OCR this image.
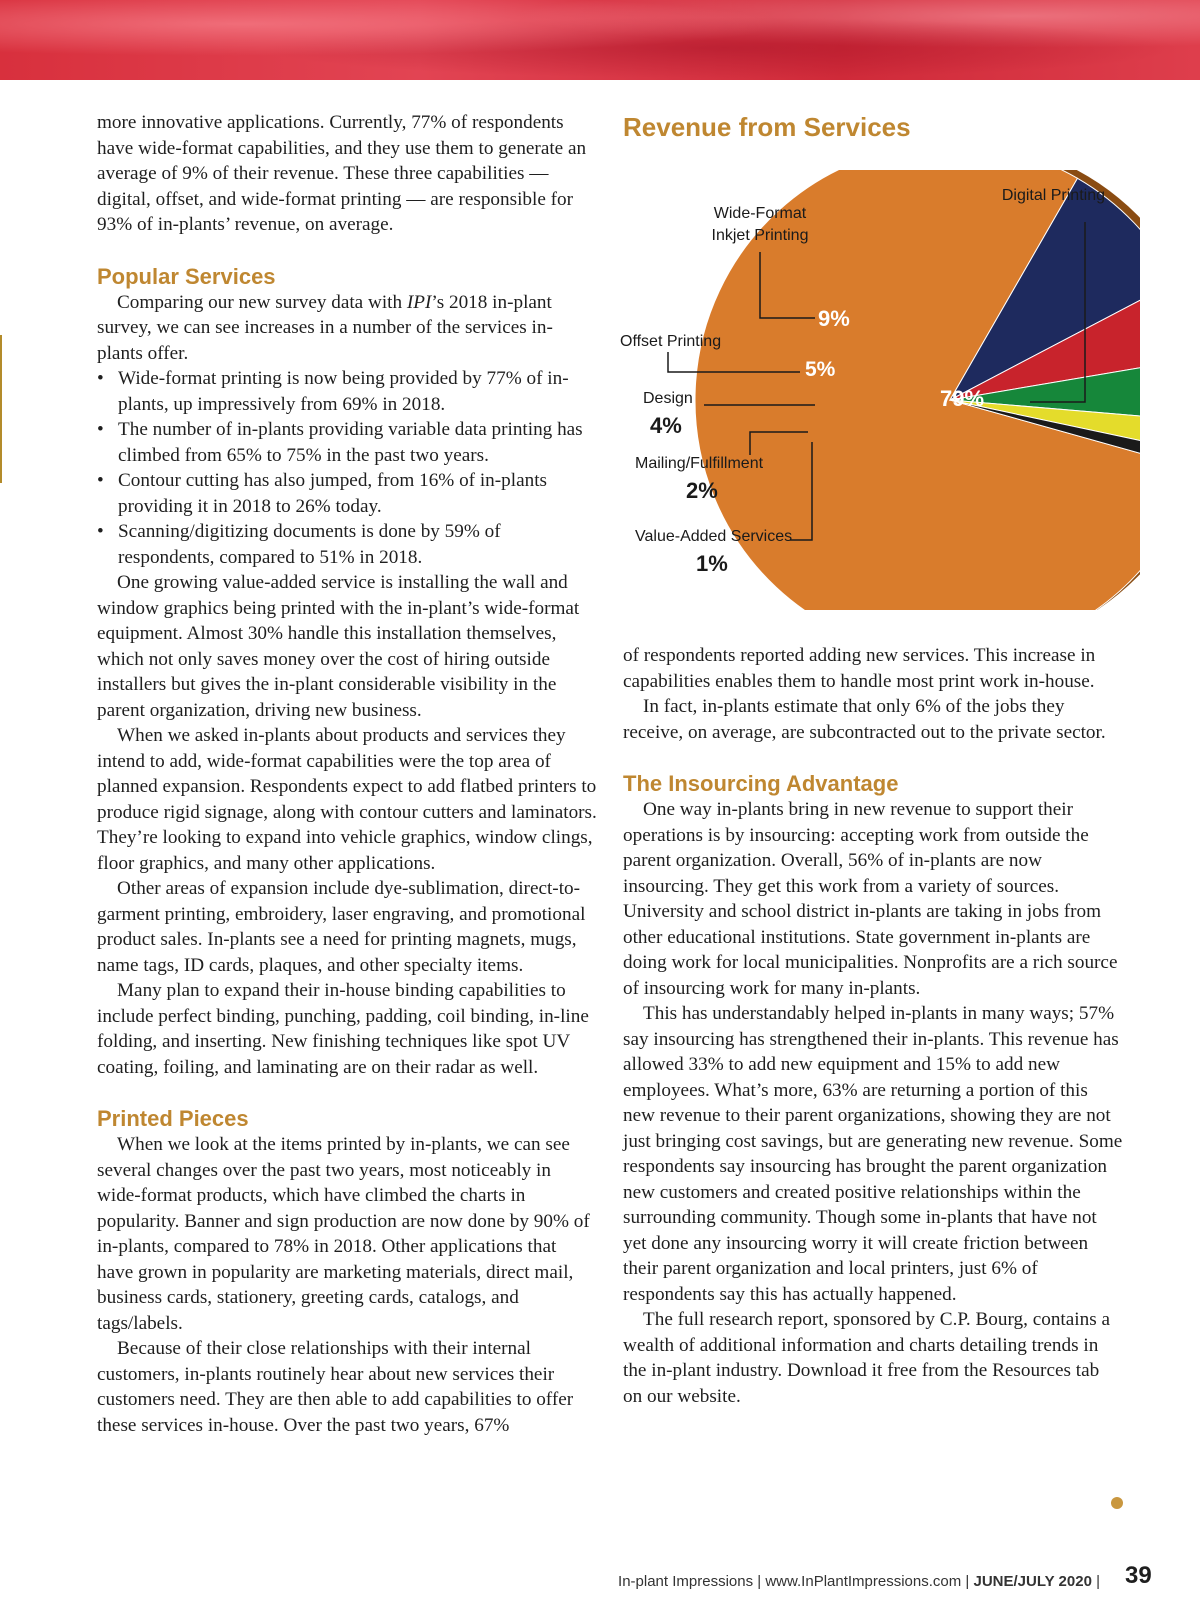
more innovative applications. Currently, 77% of respondents have wide-format capabilities, and they use them to generate an average of 9% of their revenue. These three capabilities — digital, offset, and wide-format printing — are responsible for 93% of in-plants’ revenue, on average.

Popular Services

Comparing our new survey data with IPI’s 2018 in-plant survey, we can see increases in a number of the services in-plants offer.

• Wide-format printing is now being provided by 77% of in-plants, up impressively from 69% in 2018.
• The number of in-plants providing variable data printing has climbed from 65% to 75% in the past two years.
• Contour cutting has also jumped, from 16% of in-plants providing it in 2018 to 26% today.
• Scanning/digitizing documents is done by 59% of respondents, compared to 51% in 2018.

One growing value-added service is installing the wall and window graphics being printed with the in-plant’s wide-format equipment. Almost 30% handle this installation themselves, which not only saves money over the cost of hiring outside installers but gives the in-plant considerable visibility in the parent organization, driving new business.

When we asked in-plants about products and services they intend to add, wide-format capabilities were the top area of planned expansion. Respondents expect to add flatbed printers to produce rigid signage, along with contour cutters and laminators. They’re looking to expand into vehicle graphics, window clings, floor graphics, and many other applications.

Other areas of expansion include dye-sublimation, direct-to-garment printing, embroidery, laser engraving, and promotional product sales. In-plants see a need for printing magnets, mugs, name tags, ID cards, plaques, and other specialty items.

Many plan to expand their in-house binding capabilities to include perfect binding, punching, padding, coil binding, in-line folding, and inserting. New finishing techniques like spot UV coating, foiling, and laminating are on their radar as well.

Printed Pieces

When we look at the items printed by in-plants, we can see several changes over the past two years, most noticeably in wide-format products, which have climbed the charts in popularity. Banner and sign production are now done by 90% of in-plants, compared to 78% in 2018. Other applications that have grown in popularity are marketing materials, direct mail, business cards, stationery, greeting cards, catalogs, and tags/labels.

Because of their close relationships with their internal customers, in-plants routinely hear about new services their customers need. They are then able to add capabilities to offer these services in-house. Over the past two years, 67%

Revenue from Services
79%
9%
5%
Digital Printing
Wide-Format
Inkjet Printing
Offset Printing
Design
4%
Mailing/Fulfillment
2%
Value-Added Services
1%

of respondents reported adding new services. This increase in capabilities enables them to handle most print work in-house.

In fact, in-plants estimate that only 6% of the jobs they receive, on average, are subcontracted out to the private sector.

The Insourcing Advantage

One way in-plants bring in new revenue to support their operations is by insourcing: accepting work from outside the parent organization. Overall, 56% of in-plants are now insourcing. They get this work from a variety of sources. University and school district in-plants are taking in jobs from other educational institutions. State government in-plants are doing work for local municipalities. Nonprofits are a rich source of insourcing work for many in-plants.

This has understandably helped in-plants in many ways; 57% say insourcing has strengthened their in-plants. This revenue has allowed 33% to add new equipment and 15% to add new employees. What’s more, 63% are returning a portion of this new revenue to their parent organizations, showing they are not just bringing cost savings, but are generating new revenue. Some respondents say insourcing has brought the parent organization new customers and created positive relationships within the surrounding community. Though some in-plants that have not yet done any insourcing worry it will create friction between their parent organization and local printers, just 6% of respondents say this has actually happened.

The full research report, sponsored by C.P. Bourg, contains a wealth of additional information and charts detailing trends in the in-plant industry. Download it free from the Resources tab on our website.

In-plant Impressions | www.InPlantImpressions.com | JUNE/JULY 2020 | 39
